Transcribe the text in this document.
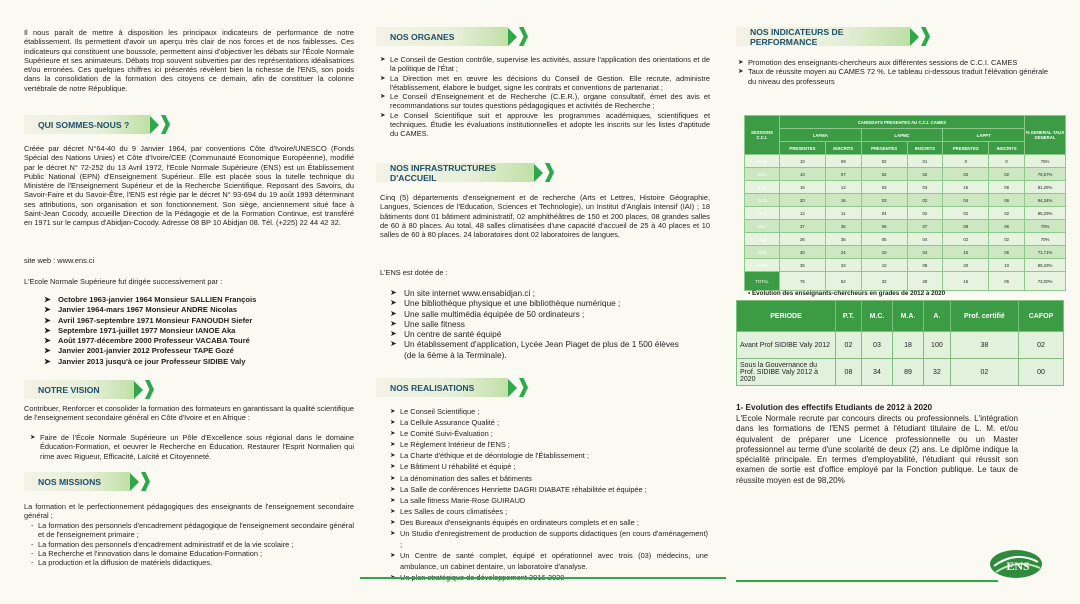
Il nous paraît de mettre à disposition les principaux indicateurs de performance de notre établissement. Ils permettent d'avoir un aperçu très clair de nos forces et de nos faiblesses. Ces indicateurs qui constituent une boussole, permettent ainsi d'objectiver les débats sur l'École Normale Supérieure et ses animateurs. Débats trop souvent subverties par des représentations idéalisatrices et/ou erronées. Ces quelques chiffres ici présentés révèlent bien la richesse de l'ENS, son poids dans la consolidation de la formation des citoyens ce demain, afin de constituer la colonne vertébrale de notre République.

QUI SOMMES-NOUS ?

Créée par décret N°64-40 du 9 Janvier 1964, par conventions Côte d'Ivoire/UNESCO (Fonds Spécial des Nations Unies) et Côte d'Ivoire/CEE (Communauté Economique Européenne), modifié par le décret N° 72-252 du 13 Avril 1972, l'Ecole Normale Supérieure (ENS) est un Établissement Public National (EPN) d'Enseignement Supérieur. Elle est placée sous la tutelle technique du Ministère de l'Enseignement Supérieur et de la Recherche Scientifique. Reposant des Savoirs, du Savoir-Faire et du Savoir-Être, l'ENS est régie par le décret N° 93-694 du 19 août 1993 déterminant ses attributions, son organisation et son fonctionnement. Son siège, anciennement situé face à Saint-Jean Cocody, accueille Direction de la Pédagogie et de la Formation Continue, est transféré en 1971 sur le campus d'Abidjan-Cocody. Adresse 08 BP 10 Abidjan 08. Tél. (+225) 22 44 42 32.

site web : www.ens.ci

L'Ecole Normale Supérieure fut dirigée successivement par :

➤ Octobre 1963-janvier 1964 Monsieur SALLIEN François
➤ Janvier 1964-mars 1967 Monsieur ANDRE Nicolas
➤ Avril 1967-septembre 1971 Monsieur FANOUDH Siefer
➤ Septembre 1971-juillet 1977 Monsieur IANOE Aka
➤ Août 1977-décembre 2000 Professeur VACABA Touré
➤ Janvier 2001-janvier 2012 Professeur TAPE Gozé
➤ Janvier 2013 jusqu'à ce jour Professeur SIDIBE Valy
NOTRE VISION

Contribuer, Renforcer et consolider la formation des formateurs en garantissant la qualité scientifique de l'enseignement secondaire général en Côte d'Ivoire et en Afrique :

➤ Faire de l'École Normale Supérieure un Pôle d'Excellence sous régional dans le domaine Éducation-Formation, et oeuvrer le Recherche en Éducation. Restaurer l'Esprit Normalien qui rime avec Rigueur, Efficacité, Laïcité et Citoyenneté.
NOS MISSIONS

La formation et le perfectionnement pédagogiques des enseignants de l'enseignement secondaire général ;

- La formation des personnels d'encadrement pédagogique de l'enseignement secondaire général et de l'enseignement primaire ;
- La formation des personnels d'encadrement administratif et de la vie scolaire ;
- La Recherche et l'innovation dans le domaine Education-Formation ;
- La production et la diffusion de matériels didactiques.
NOS ORGANES
➤ Le Conseil de Gestion contrôle, supervise les activités, assure l'application des orientations et de la politique de l'État ;
➤ La Direction met en œuvre les décisions du Conseil de Gestion. Elle recrute, administre l'établissement, élabore le budget, signe les contrats et conventions de partenariat ;
➤ Le Conseil d'Enseignement et de Recherche (C.E.R.), organe consultatif, émet des avis et recommandations sur toutes questions pédagogiques et activités de Recherche ;
➤ Le Conseil Scientifique suit et approuve les programmes académiques, scientifiques et techniques. Étudie les évaluations institutionnelles et adopte les inscrits sur les listes d'aptitude du CAMES.
NOS INFRASTRUCTURES D'ACCUEIL

Cinq (5) départements d'enseignement et de recherche (Arts et Lettres, Histoire Géographie, Langues, Sciences de l'Education, Sciences et Technologie), un Institut d'Anglais Intensif (IAI) ; 18 bâtiments dont 01 bâtiment administratif, 02 amphithéâtres de 150 et 200 places, 08 grandes salles de 60 à 80 places. Au total, 48 salles climatisées d'une capacité d'accueil de 25 à 40 places et 10 salles de 60 à 80 places. 24 laboratoires dont 02 laboratoires de langues.

L'ENS est dotée de :

➤ Un site internet www.ensabidjan.ci ;
➤ Une bibliothèque physique et une bibliothèque numérique ;
➤ Une salle multimédia équipée de 50 ordinateurs ;
➤ Une salle fitness
➤ Un centre de santé équipé
➤ Un établissement d'application, Lycée Jean Piaget de plus de 1 500 élèves (de la 6ème à la Terminale).
NOS REALISATIONS
➤ Le Conseil Scientifique ;
➤ La Cellule Assurance Qualité ;
➤ Le Comité Suivi-Évaluation ;
➤ Le Règlement Intérieur de l'ENS ;
➤ La Charte d'éthique et de déontologie de l'Établissement ;
➤ Le Bâtiment U réhabilité et équipé ;
➤ La dénomination des salles et bâtiments
➤ La Salle de conférences Henriette DAGRI DIABATE réhabilitée et équipée ;
➤ La salle fitness Marie-Rose GUIRAUD
➤ Les Salles de cours climatisées ;
➤ Des Bureaux d'enseignants équipés en ordinateurs complets et en salle ;
➤ Un Studio d'enregistrement de production de supports didactiques (en cours d'aménagement) ;
➤ Un Centre de santé complet, équipé et opérationnel avec trois (03) médecins, une ambulance, un cabinet dentaire, un laboratoire d'analyse.
➤
NOS INDICATEURS DE PERFORMANCE
➤ Promotion des enseignants-chercheurs aux différentes sessions de C.C.I. CAMES
➤ Taux de réussite moyen au CAMES 72 %. Le tableau ci-dessous traduit l'élévation générale du niveau des professeurs
SESSIONS C.C.I.	CANDIDATS PRESENTES AU C.C.I. CAMES						% GENERAL TAUX GENERAL
	LAFMA		LAPMC		LAPPT		
	PRESENTES	INSCRITS	PRESENTES	INSCRITS	PRESENTES	INSCRITS	
2012	10	09	02	01	0	0	75%
2013	10	07	02	02	02	02	76,57%
2014	16	13	03	03	16	09	81,25%
2015	20	16	03	02	04	06	94,34%
2016	12	11	04	02	02	02	85,29%
2017	37	35	06	07	08	06	70%
2018	36	35	05	04	02	02	70%
2019	30	24	10	04	10	06	71,71%
2020	35	33	10	08	20	10	85,33%
TOTAL	75	52	32	28	16	06	72,00%

▪ Evolution des enseignants-chercheurs en grades de 2012 à 2020

PERIODE	P.T.	M.C.	M.A.	A.	Prof. certifié	CAFOP
Avant Prof SIDIBE Valy 2012	02	03	18	100	38	02
Sous la Gouvernance du Prof. SIDIBE Valy 2012 à 2020	08	34	89	32	02	00

1- Evolution des effectifs Etudiants de 2012 à 2020

L'Ecole Normale recrute par concours directs ou professionnels. L'intégration dans les formations de l'ENS permet à l'étudiant titulaire de L. M. et/ou équivalent de préparer une Licence professionnelle ou un Master professionnel au terme d'une scolarité de deux (2) ans. Le diplôme indique la spécialité principale. En termes d'employabilité, l'étudiant qui réussit son examen de sortie est d'office employé par la Fonction publique. Le taux de réussite moyen est de 98,20%

ENS
